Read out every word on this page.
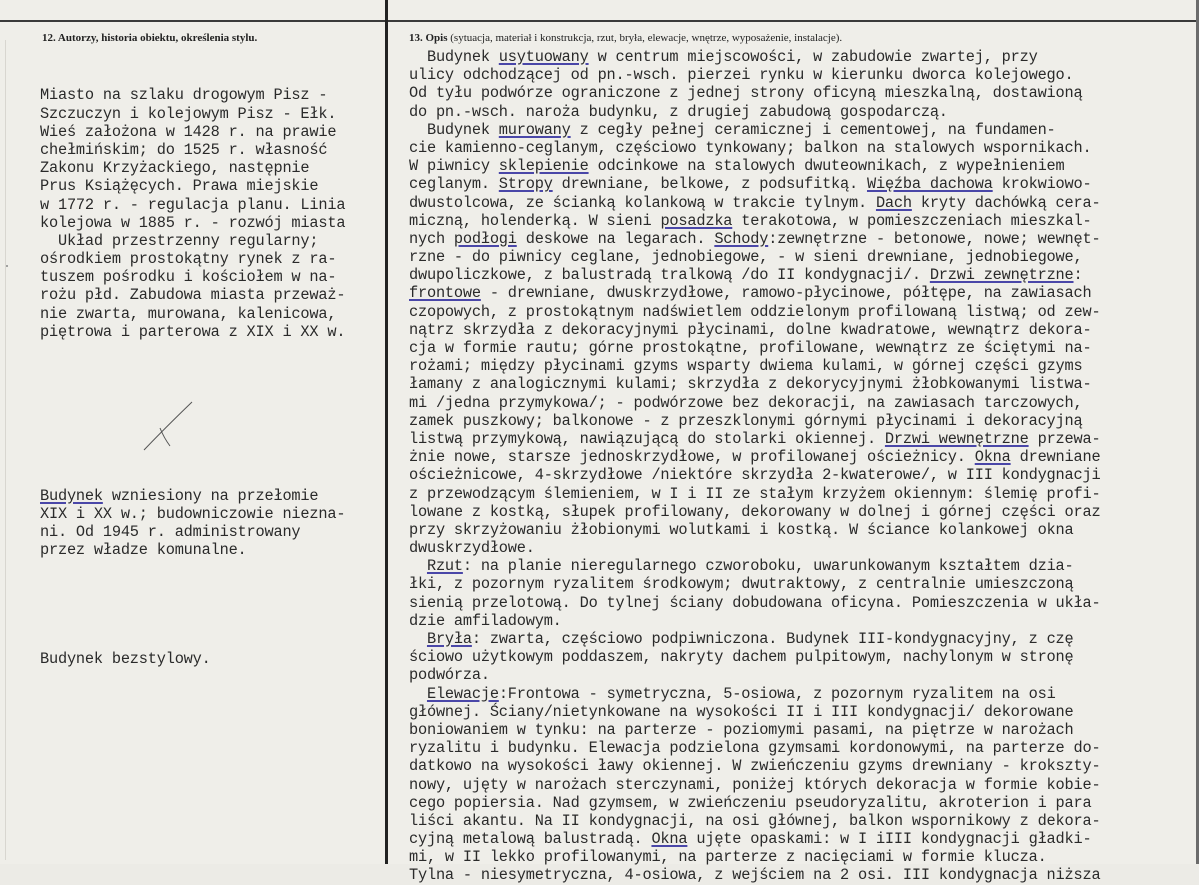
12. Autorzy, historia obiektu, określenia stylu.	13. Opis (sytuacja, materiał i konstrukcja, rzut, bryła, elewacje, wnętrze, wyposażenie, instalacje).

Miasto na szlaku drogowym Pisz -
Szczuczyn i kolejowym Pisz - Ełk.
Wieś założona w 1428 r. na prawie
chełmińskim; do 1525 r. własność
Zakonu Krzyżackiego, następnie
Prus Książęcych. Prawa miejskie
w 1772 r. - regulacja planu. Linia
kolejowa w 1885 r. - rozwój miasta
Układ przestrzenny regularny;
ośrodkiem prostokątny rynek z ra-
tuszem pośrodku i kościołem w na-
rożu płd. Zabudowa miasta przeważ-
nie zwarta, murowana, kalenicowa,
piętrowa i parterowa z XIX i XX w.

Budynek wzniesiony na przełomie
XIX i XX w.; budowniczowie niezna-
ni. Od 1945 r. administrowany
przez władze komunalne.

Budynek bezstylowy.

Budynek usytuowany w centrum miejscowości, w zabudowie zwartej, przy
ulicy odchodzącej od pn.-wsch. pierzei rynku w kierunku dworca kolejowego.
Od tyłu podwórze ograniczone z jednej strony oficyną mieszkalną, dostawioną
do pn.-wsch. naroża budynku, z drugiej zabudową gospodarczą.
Budynek murowany z cegły pełnej ceramicznej i cementowej, na fundamen-
cie kamienno-ceglanym, częściowo tynkowany; balkon na stalowych wspornikach.
W piwnicy sklepienie odcinkowe na stalowych dwuteownikach, z wypełnieniem
ceglanym. Stropy drewniane, belkowe, z podsufitką. Więźba dachowa krokwiowo-
dwustolcowa, ze ścianką kolankową w trakcie tylnym. Dach kryty dachówką cera-
miczną, holenderką. W sieni posadzka terakotowa, w pomieszczeniach mieszkal-
nych podłogi deskowe na legarach. Schody:zewnętrzne - betonowe, nowe; wewnęt-
rzne - do piwnicy ceglane, jednobiegowe, - w sieni drewniane, jednobiegowe,
dwupoliczkowe, z balustradą tralkową /do II kondygnacji/. Drzwi zewnętrzne:
frontowe - drewniane, dwuskrzydłowe, ramowo-płycinowe, półtępe, na zawiasach
czopowych, z prostokątnym nadświetlem oddzielonym profilowaną listwą; od zew-
nątrz skrzydła z dekoracyjnymi płycinami, dolne kwadratowe, wewnątrz dekora-
cja w formie rautu; górne prostokątne, profilowane, wewnątrz ze ściętymi na-
rożami; między płycinami gzyms wsparty dwiema kulami, w górnej części gzyms
łamany z analogicznymi kulami; skrzydła z dekorycyjnymi żłobkowanymi listwa-
mi /jedna przymykowa/; - podwórzowe bez dekoracji, na zawiasach tarczowych,
zamek puszkowy; balkonowe - z przeszklonymi górnymi płycinami i dekoracyjną
listwą przymykową, nawiązującą do stolarki okiennej. Drzwi wewnętrzne przewa-
żnie nowe, starsze jednoskrzydłowe, w profilowanej ościeżnicy. Okna drewniane
ościeżnicowe, 4-skrzydłowe /niektóre skrzydła 2-kwaterowe/, w III kondygnacji
z przewodzącym ślemieniem, w I i II ze stałym krzyżem okiennym: ślemię profi-
lowane z kostką, słupek profilowany, dekorowany w dolnej i górnej części oraz
przy skrzyżowaniu żłobionymi wolutkami i kostką. W ściance kolankowej okna
dwuskrzydłowe.
Rzut: na planie nieregularnego czworoboku, uwarunkowanym kształtem dzia-
łki, z pozornym ryzalitem środkowym; dwutraktowy, z centralnie umieszczoną
sienią przelotową. Do tylnej ściany dobudowana oficyna. Pomieszczenia w ukła-
dzie amfiladowym.
Bryła: zwarta, częściowo podpiwniczona. Budynek III-kondygnacyjny, z czę
ściowo użytkowym poddaszem, nakryty dachem pulpitowym, nachylonym w stronę
podwórza.
Elewacje:Frontowa - symetryczna, 5-osiowa, z pozornym ryzalitem na osi
głównej. Ściany/nietynkowane na wysokości II i III kondygnacji/ dekorowane
boniowaniem w tynku: na parterze - poziomymi pasami, na piętrze w narożach
ryzalitu i budynku. Elewacja podzielona gzymsami kordonowymi, na parterze do-
datkowo na wysokości ławy okiennej. W zwieńczeniu gzyms drewniany - krokszty-
nowy, ujęty w narożach sterczynami, poniżej których dekoracja w formie kobie-
cego popiersia. Nad gzymsem, w zwieńczeniu pseudoryzalitu, akroterion i para
liści akantu. Na II kondygnacji, na osi głównej, balkon wspornikowy z dekora-
cyjną metalową balustradą. Okna ujęte opaskami: w I iIII kondygnacji gładki-
mi, w II lekko profilowanymi, na parterze z nacięciami w formie klucza.
Tylna - niesymetryczna, 4-osiowa, z wejściem na 2 osi. III kondygnacja niższa
